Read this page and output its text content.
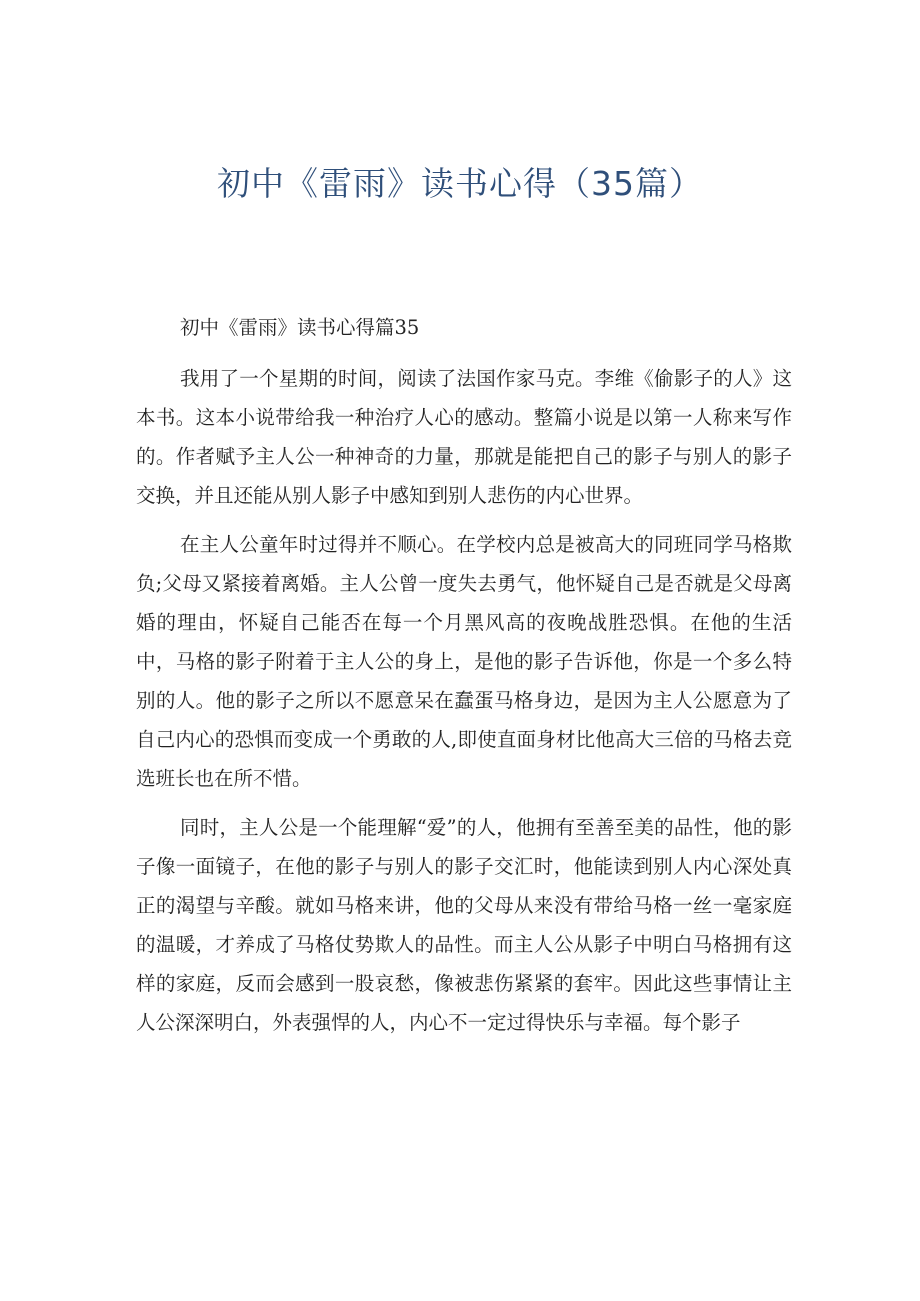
初中《雷雨》读书心得（35篇）

初中《雷雨》读书心得篇35

我用了一个星期的时间，阅读了法国作家马克。李维《偷影子的人》这本书。这本小说带给我一种治疗人心的感动。整篇小说是以第一人称来写作的。作者赋予主人公一种神奇的力量，那就是能把自己的影子与别人的影子交换，并且还能从别人影子中感知到别人悲伤的内心世界。

在主人公童年时过得并不顺心。在学校内总是被高大的同班同学马格欺负;父母又紧接着离婚。主人公曾一度失去勇气，他怀疑自己是否就是父母离婚的理由，怀疑自己能否在每一个月黑风高的夜晚战胜恐惧。在他的生活中，马格的影子附着于主人公的身上，是他的影子告诉他，你是一个多么特别的人。他的影子之所以不愿意呆在蠢蛋马格身边，是因为主人公愿意为了自己内心的恐惧而变成一个勇敢的人,即使直面身材比他高大三倍的马格去竞选班长也在所不惜。

同时，主人公是一个能理解“爱”的人，他拥有至善至美的品性，他的影子像一面镜子，在他的影子与别人的影子交汇时，他能读到别人内心深处真正的渴望与辛酸。就如马格来讲，他的父母从来没有带给马格一丝一毫家庭的温暖，才养成了马格仗势欺人的品性。而主人公从影子中明白马格拥有这样的家庭，反而会感到一股哀愁，像被悲伤紧紧的套牢。因此这些事情让主人公深深明白，外表强悍的人，内心不一定过得快乐与幸福。每个影子
